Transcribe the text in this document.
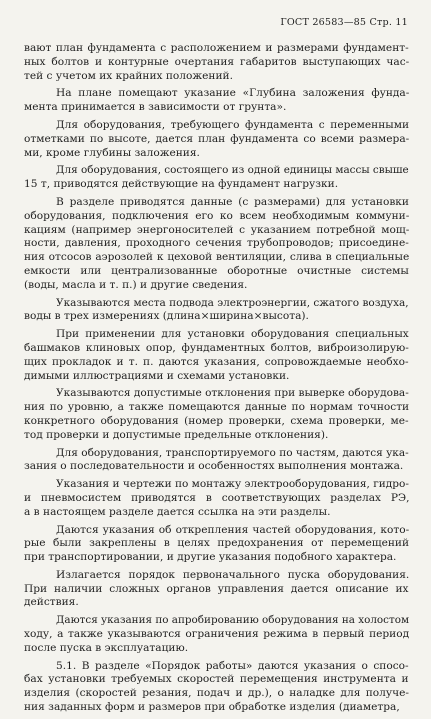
ГОСТ 26583—85 Стр. 11
вают план фундамента с расположением и размерами фундамент-
ных болтов и контурные очертания габаритов выступающих час-
тей с учетом их крайних положений.
На плане помещают указание «Глубина заложения фунда-
мента принимается в зависимости от грунта».
Для оборудования, требующего фундамента с переменными
отметками по высоте, дается план фундамента со всеми размера-
ми, кроме глубины заложения.
Для оборудования, состоящего из одной единицы массы свыше
15 т, приводятся действующие на фундамент нагрузки.
В разделе приводятся данные (с размерами) для установки
оборудования, подключения его ко всем необходимым коммуни-
кациям (например энергоносителей с указанием потребной мощ-
ности, давления, проходного сечения трубопроводов; присоедине-
ния отсосов аэрозолей к цеховой вентиляции, слива в специальные
емкости или централизованные оборотные очистные системы
(воды, масла и т. п.) и другие сведения.
Указываются места подвода электроэнергии, сжатого воздуха,
воды в трех измерениях (длина×ширина×высота).
При применении для установки оборудования специальных
башмаков клиновых опор, фундаментных болтов, виброизолирую-
щих прокладок и т. п. даются указания, сопровождаемые необхо-
димыми иллюстрациями и схемами установки.
Указываются допустимые отклонения при выверке оборудова-
ния по уровню, а также помещаются данные по нормам точности
конкретного оборудования (номер проверки, схема проверки, ме-
тод проверки и допустимые предельные отклонения).
Для оборудования, транспортируемого по частям, даются ука-
зания о последовательности и особенностях выполнения монтажа.
Указания и чертежи по монтажу электрооборудования, гидро-
и пневмосистем приводятся в соответствующих разделах РЭ,
а в настоящем разделе дается ссылка на эти разделы.
Даются указания об открепления частей оборудования, кото-
рые были закреплены в целях предохранения от перемещений
при транспортировании, и другие указания подобного характера.
Излагается порядок первоначального пуска оборудования.
При наличии сложных органов управления дается описание их
действия.
Даются указания по апробированию оборудования на холостом
ходу, а также указываются ограничения режима в первый период
после пуска в эксплуатацию.
5.1. В разделе «Порядок работы» даются указания о спосо-
бах установки требуемых скоростей перемещения инструмента и
изделия (скоростей резания, подач и др.), о наладке для получе-
ния заданных форм и размеров при обработке изделия (диаметра,
